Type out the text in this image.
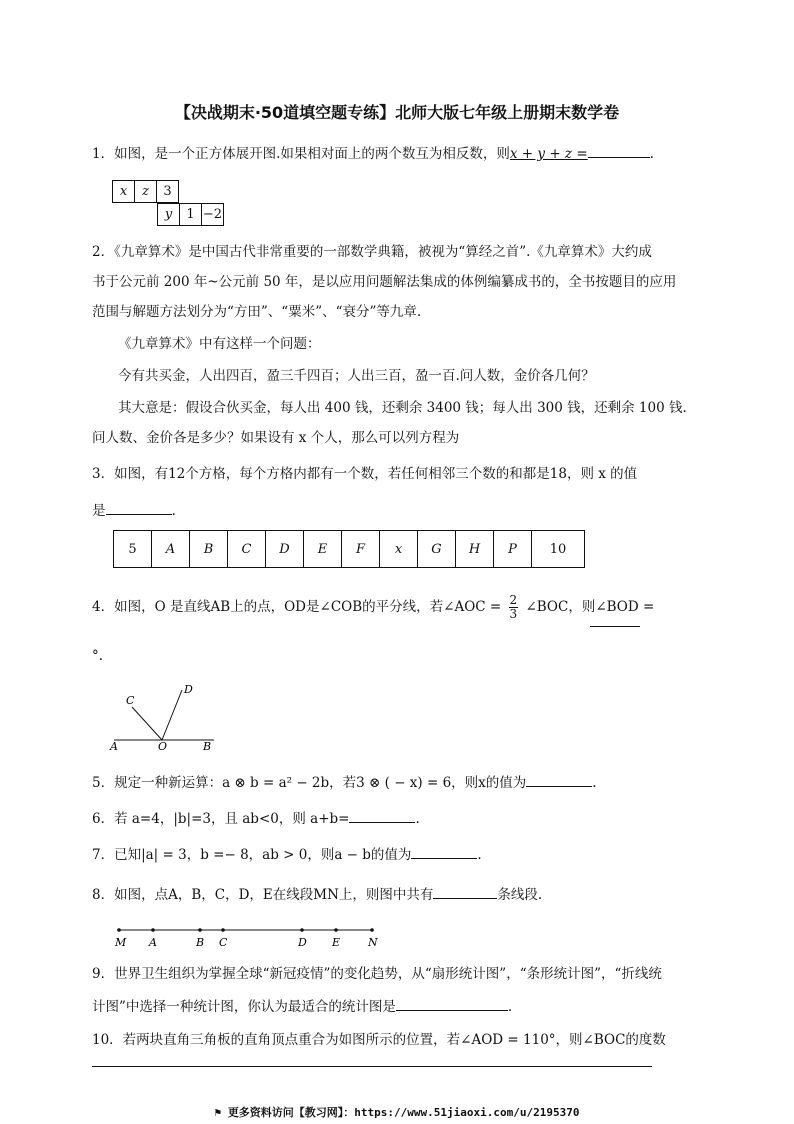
【决战期末·50道填空题专练】北师大版七年级上册期末数学卷
1．如图，是一个正方体展开图.如果相对面上的两个数互为相反数，则x + y + z =	.
x	z	3
y	1	−2
2．《九章算术》是中国古代非常重要的一部数学典籍，被视为“算经之首”.《九章算术》大约成
书于公元前 200 年~公元前 50 年，是以应用问题解法集成的体例编纂成书的，全书按题目的应用
范围与解题方法划分为“方田”、“粟米”、“衰分”等九章.
《九章算术》中有这样一个问题：
今有共买金，人出四百，盈三千四百；人出三百，盈一百.问人数，金价各几何？
其大意是：假设合伙买金，每人出 400 钱，还剩余 3400 钱；每人出 300 钱，还剩余 100 钱.
问人数、金价各是多少？如果设有 x 个人，那么可以列方程为
3．如图，有12个方格，每个方格内都有一个数，若任何相邻三个数的和都是18，则 x 的值
是	.
5	A	B	C	D	E	F	x	G	H	P	10
4．如图，O 是直线AB上的点，OD是∠COB的平分线，若∠AOC = $\frac{2}{3}$ ∠BOC，则∠BOD =
°.
C
D
A	O	B
5．规定一种新运算：a ⊗ b = a² − 2b，若3 ⊗ ( − x) = 6，则x的值为	.
6．若 a=4，|b|=3，且 ab<0，则 a+b=	.
7．已知|a| = 3，b =− 8，ab > 0，则a − b的值为	.
8．如图，点A，B，C，D，E在线段MN上，则图中共有	条线段.
M A	B C	D E	N
9．世界卫生组织为掌握全球“新冠疫情”的变化趋势，从“扇形统计图”，“条形统计图”，“折线统
计图”中选择一种统计图，你认为最适合的统计图是	.
10．若两块直角三角板的直角顶点重合为如图所示的位置，若∠AOD = 110°，则∠BOC的度数
⚑ 更多资料访问【教习网】：https://www.51jiaoxi.com/u/2195370
